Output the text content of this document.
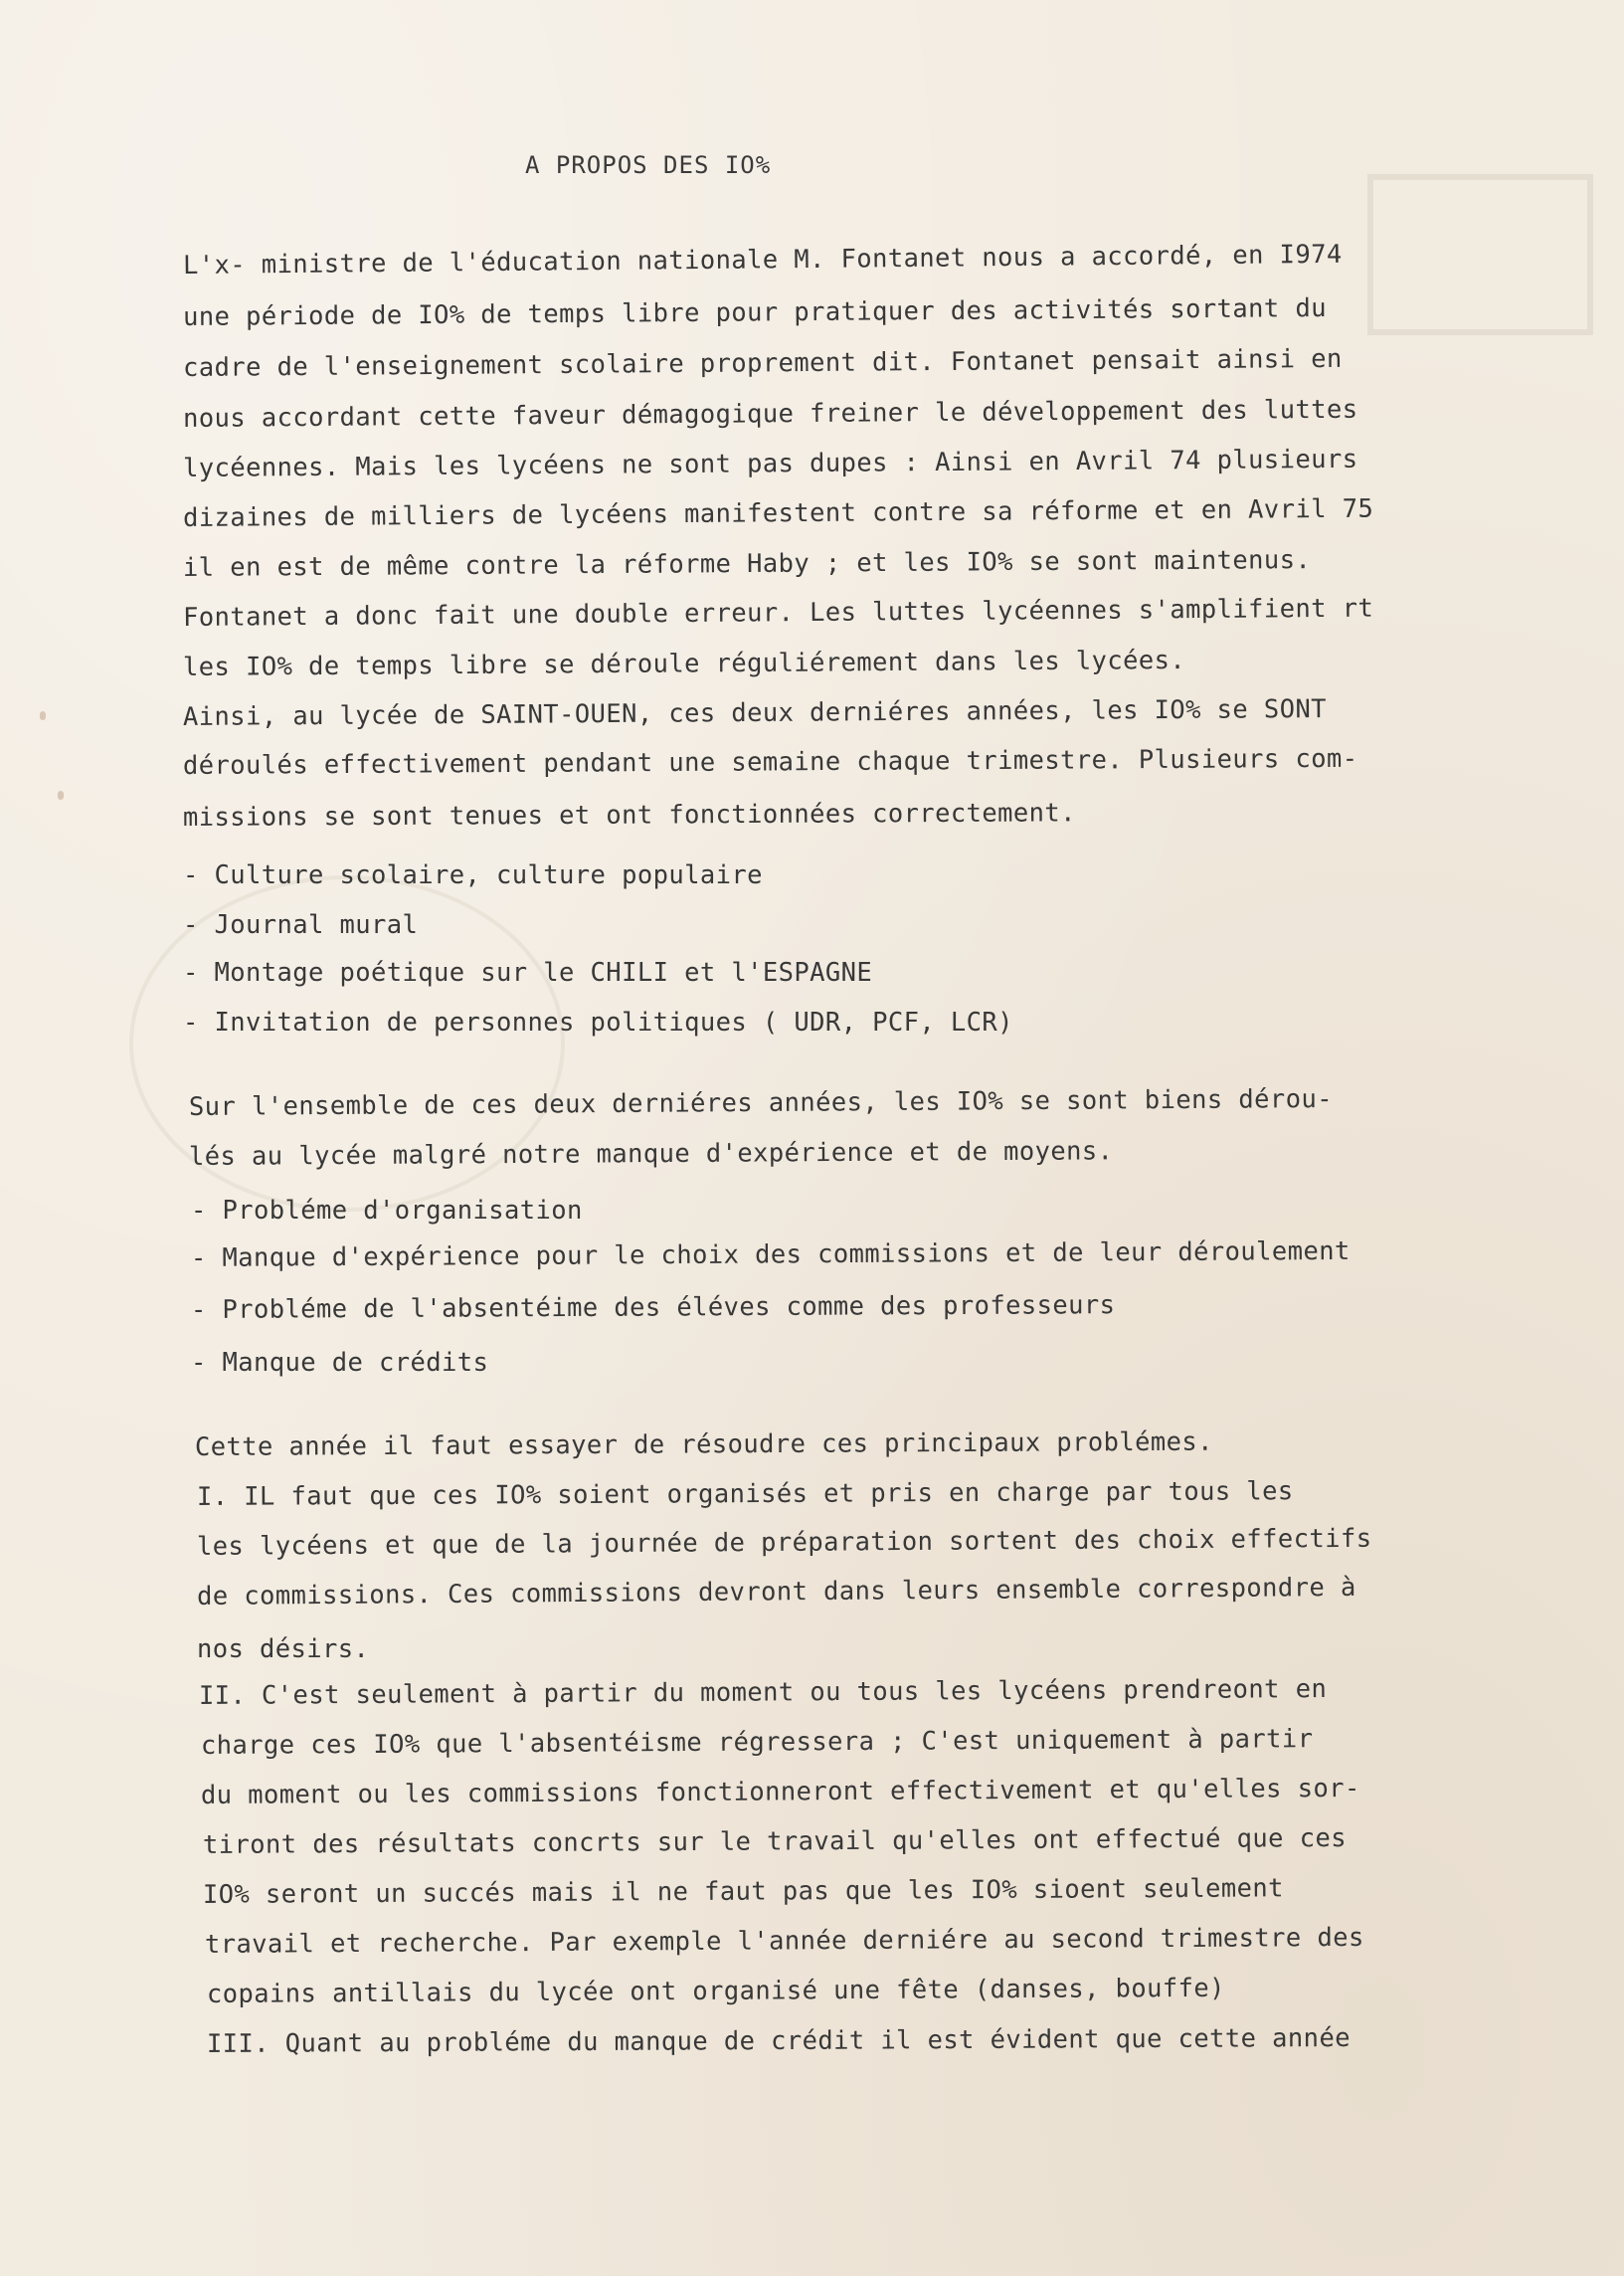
A PROPOS DES IO%
L'x- ministre de l'éducation nationale M. Fontanet nous a accordé, en I974
une période de IO% de temps libre pour pratiquer des activités sortant du
cadre de l'enseignement scolaire proprement dit. Fontanet pensait ainsi en
nous accordant cette faveur démagogique freiner le développement des luttes
lycéennes. Mais les lycéens ne sont pas dupes : Ainsi en Avril 74 plusieurs
dizaines de milliers de lycéens manifestent contre sa réforme et en Avril 75
il en est de même contre la réforme Haby ; et les IO% se sont maintenus.
Fontanet a donc fait une double erreur. Les luttes lycéennes s'amplifient rt
les IO% de temps libre se déroule réguliérement dans les lycées.
Ainsi, au lycée de SAINT-OUEN, ces deux derniéres années, les IO% se SONT
déroulés effectivement pendant une semaine chaque trimestre. Plusieurs com-
missions se sont tenues et ont fonctionnées correctement.
- Culture scolaire, culture populaire
- Journal mural
- Montage poétique sur le CHILI et l'ESPAGNE
- Invitation de personnes politiques ( UDR, PCF, LCR)
Sur l'ensemble de ces deux derniéres années, les IO% se sont biens dérou-
lés au lycée malgré notre manque d'expérience et de moyens.
- Probléme d'organisation
- Manque d'expérience pour le choix des commissions et de leur déroulement
- Probléme de l'absentéime des éléves comme des professeurs
- Manque de crédits
Cette année il faut essayer de résoudre ces principaux problémes.
I. IL faut que ces IO% soient organisés et pris en charge par tous les
les lycéens et que de la journée de préparation sortent des choix effectifs
de commissions. Ces commissions devront dans leurs ensemble correspondre à
nos désirs.
II. C'est seulement à partir du moment ou tous les lycéens prendreont en
charge ces IO% que l'absentéisme régressera ; C'est uniquement à partir
du moment ou les commissions fonctionneront effectivement et qu'elles sor-
tiront des résultats concrts sur le travail qu'elles ont effectué que ces
IO% seront un succés mais il ne faut pas que les IO% sioent seulement
travail et recherche. Par exemple l'année derniére au second trimestre des
copains antillais du lycée ont organisé une fête (danses, bouffe)
III. Quant au probléme du manque de crédit il est évident que cette année
